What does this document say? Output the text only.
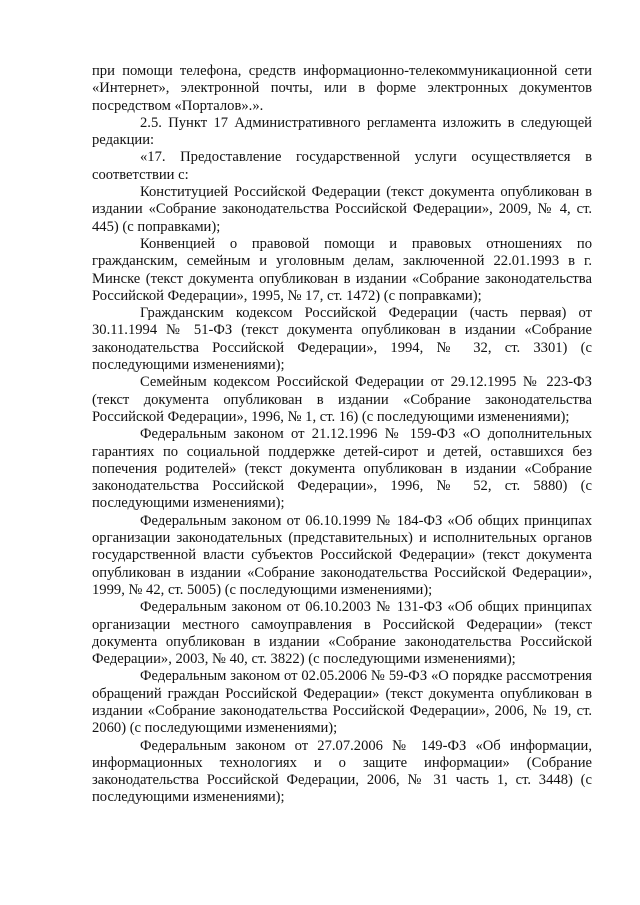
при помощи телефона, средств информационно-телекоммуникационной сети «Интернет», электронной почты, или в форме электронных документов посредством «Порталов».».

2.5. Пункт 17 Административного регламента изложить в следующей редакции:

«17. Предоставление государственной услуги осуществляется в соответствии с:

Конституцией Российской Федерации (текст документа опубликован в издании «Собрание законодательства Российской Федерации», 2009, № 4, ст. 445) (с поправками);

Конвенцией о правовой помощи и правовых отношениях по гражданским, семейным и уголовным делам, заключенной 22.01.1993 в г. Минске (текст документа опубликован в издании «Собрание законодательства Российской Федерации», 1995, № 17, ст. 1472) (с поправками);

Гражданским кодексом Российской Федерации (часть первая) от 30.11.1994 № 51-ФЗ (текст документа опубликован в издании «Собрание законодательства Российской Федерации», 1994, № 32, ст. 3301) (с последующими изменениями);

Семейным кодексом Российской Федерации от 29.12.1995 № 223-ФЗ (текст документа опубликован в издании «Собрание законодательства Российской Федерации», 1996, № 1, ст. 16) (с последующими изменениями);

Федеральным законом от 21.12.1996 № 159-ФЗ «О дополнительных гарантиях по социальной поддержке детей-сирот и детей, оставшихся без попечения родителей» (текст документа опубликован в издании «Собрание законодательства Российской Федерации», 1996, № 52, ст. 5880) (с последующими изменениями);

Федеральным законом от 06.10.1999 № 184-ФЗ «Об общих принципах организации законодательных (представительных) и исполнительных органов государственной власти субъектов Российской Федерации» (текст документа опубликован в издании «Собрание законодательства Российской Федерации», 1999, № 42, ст. 5005) (с последующими изменениями);

Федеральным законом от 06.10.2003 № 131-ФЗ «Об общих принципах организации местного самоуправления в Российской Федерации» (текст документа опубликован в издании «Собрание законодательства Российской Федерации», 2003, № 40, ст. 3822) (с последующими изменениями);

Федеральным законом от 02.05.2006 № 59-ФЗ «О порядке рассмотрения обращений граждан Российской Федерации» (текст документа опубликован в издании «Собрание законодательства Российской Федерации», 2006, № 19, ст. 2060) (с последующими изменениями);

Федеральным законом от 27.07.2006 № 149-ФЗ «Об информации, информационных технологиях и о защите информации» (Собрание законодательства Российской Федерации, 2006, № 31 часть 1, ст. 3448) (с последующими изменениями);
